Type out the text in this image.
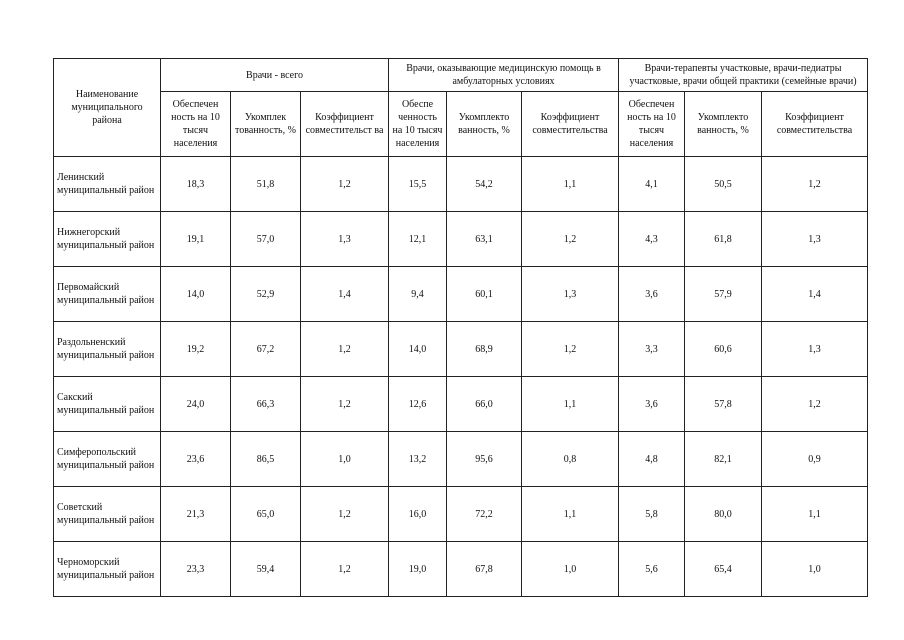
Наименование муниципального района	Врачи - всего			Врачи, оказывающие медицинскую помощь в амбулаторных условиях			Врачи-терапевты участковые, врачи-педиатры участковые, врачи общей практики (семейные врачи)		
	Обеспечен ность на 10 тысяч населения	Укомплек тованность, %	Коэффициент совместительст ва	Обеспе ченность на 10 тысяч населения	Укомплекто ванность, %	Коэффициент совместительства	Обеспечен ность на 10 тысяч населения	Укомплекто ванность, %	Коэффициент совместительства
Ленинский муниципальный район	18,3	51,8	1,2	15,5	54,2	1,1	4,1	50,5	1,2
Нижнегорский муниципальный район	19,1	57,0	1,3	12,1	63,1	1,2	4,3	61,8	1,3
Первомайский муниципальный район	14,0	52,9	1,4	9,4	60,1	1,3	3,6	57,9	1,4
Раздольненский муниципальный район	19,2	67,2	1,2	14,0	68,9	1,2	3,3	60,6	1,3
Сакский муниципальный район	24,0	66,3	1,2	12,6	66,0	1,1	3,6	57,8	1,2
Симферопольский муниципальный район	23,6	86,5	1,0	13,2	95,6	0,8	4,8	82,1	0,9
Советский муниципальный район	21,3	65,0	1,2	16,0	72,2	1,1	5,8	80,0	1,1
Черноморский муниципальный район	23,3	59,4	1,2	19,0	67,8	1,0	5,6	65,4	1,0
